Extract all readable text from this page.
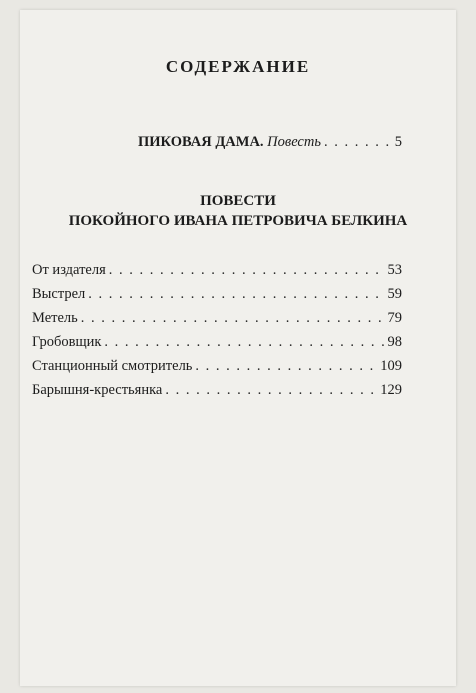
СОДЕРЖАНИЕ
ПИКОВАЯ ДАМА. Повесть . . .	5
ПОВЕСТИ
ПОКОЙНОГО ИВАНА ПЕТРОВИЧА БЕЛКИНА
От издателя . . .	53
Выстрел . . .	59
Метель . . .	79
Гробовщик . . .	98
Станционный смотритель . . .	109
Барышня-крестьянка . . .	129
